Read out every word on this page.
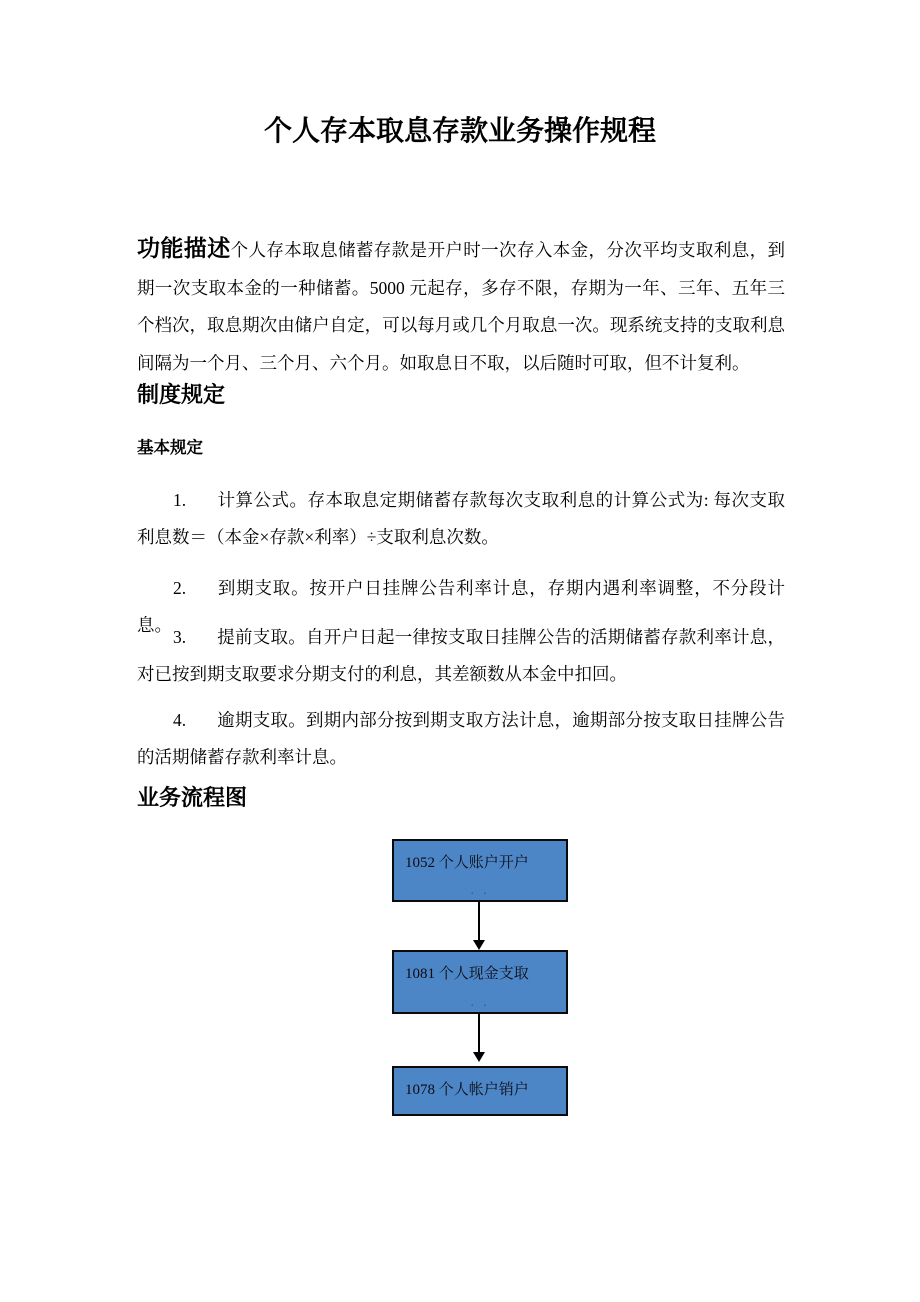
个人存本取息存款业务操作规程

功能描述个人存本取息储蓄存款是开户时一次存入本金，分次平均支取利息，到期一次支取本金的一种储蓄。5000 元起存，多存不限，存期为一年、三年、五年三个档次，取息期次由储户自定，可以每月或几个月取息一次。现系统支持的支取利息间隔为一个月、三个月、六个月。如取息日不取，以后随时可取，但不计复利。

制度规定
基本规定

1. 计算公式。存本取息定期储蓄存款每次支取利息的计算公式为: 每次支取利息数＝（本金×存款×利率）÷支取利息次数。

2. 到期支取。按开户日挂牌公告利率计息，存期内遇利率调整，不分段计息。

3. 提前支取。自开户日起一律按支取日挂牌公告的活期储蓄存款利率计息，对已按到期支取要求分期支付的利息，其差额数从本金中扣回。

4. 逾期支取。到期内部分按到期支取方法计息，逾期部分按支取日挂牌公告的活期储蓄存款利率计息。

业务流程图
1052 个人账户开户
. .
1081 个人现金支取
. .
1078 个人帐户销户
